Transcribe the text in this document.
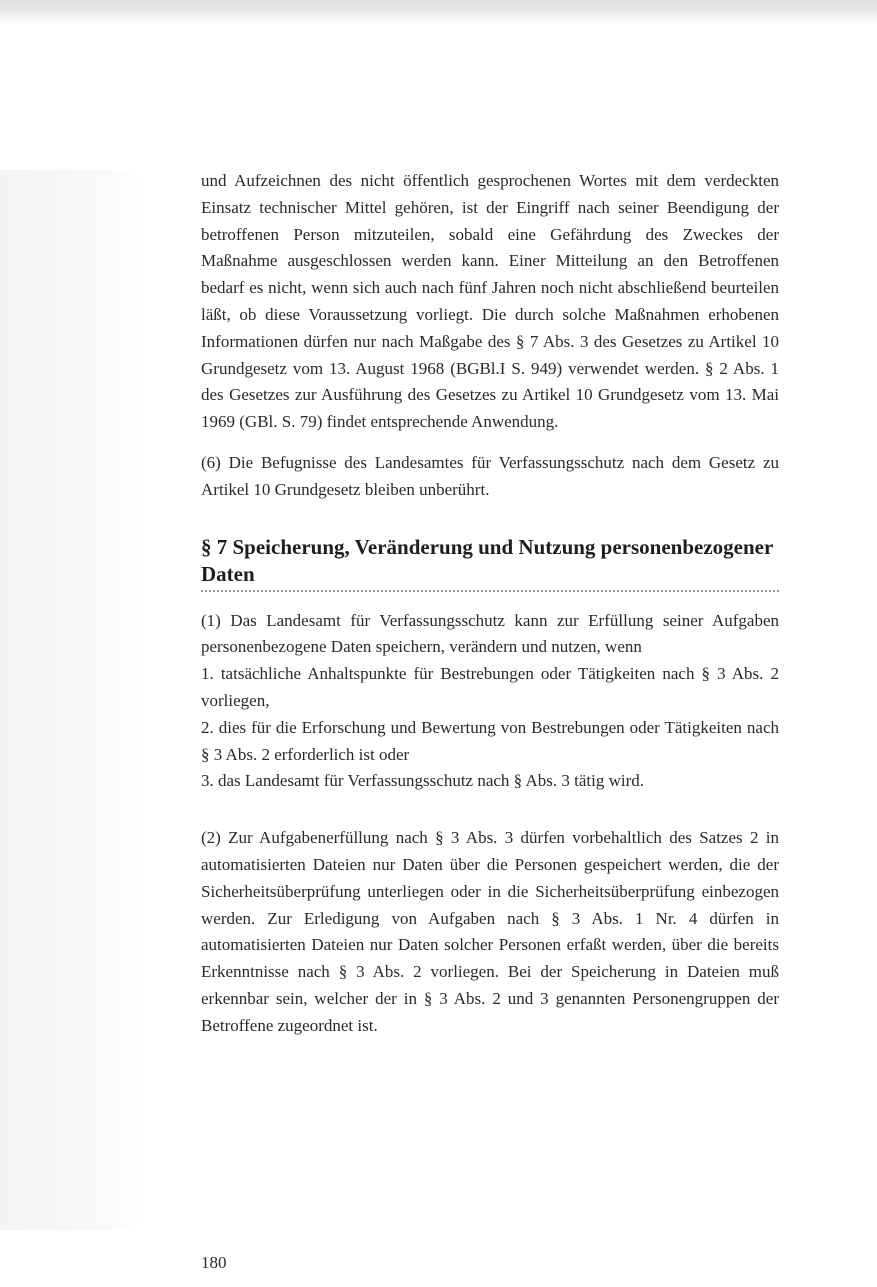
und Aufzeichnen des nicht öffentlich gesprochenen Wortes mit dem verdeckten Einsatz technischer Mittel gehören, ist der Eingriff nach seiner Beendigung der betroffenen Person mitzuteilen, sobald eine Gefährdung des Zweckes der Maßnahme ausgeschlossen werden kann. Einer Mitteilung an den Betroffenen bedarf es nicht, wenn sich auch nach fünf Jahren noch nicht abschließend beurteilen läßt, ob diese Voraussetzung vorliegt. Die durch solche Maßnahmen erhobenen Informationen dürfen nur nach Maßgabe des § 7 Abs. 3 des Gesetzes zu Artikel 10 Grundgesetz vom 13. August 1968 (BGBl.I S. 949) verwendet werden. § 2 Abs. 1 des Gesetzes zur Ausführung des Gesetzes zu Artikel 10 Grundgesetz vom 13. Mai 1969 (GBl. S. 79) findet entsprechende Anwendung.

(6) Die Befugnisse des Landesamtes für Verfassungsschutz nach dem Gesetz zu Artikel 10 Grundgesetz bleiben unberührt.

§ 7 Speicherung, Veränderung und Nutzung personenbezogener Daten

(1) Das Landesamt für Verfassungsschutz kann zur Erfüllung seiner Aufgaben personenbezogene Daten speichern, verändern und nutzen, wenn

1. tatsächliche Anhaltspunkte für Bestrebungen oder Tätigkeiten nach § 3 Abs. 2 vorliegen,

2. dies für die Erforschung und Bewertung von Bestrebungen oder Tätigkeiten nach § 3 Abs. 2 erforderlich ist oder

3. das Landesamt für Verfassungsschutz nach § Abs. 3 tätig wird.

(2) Zur Aufgabenerfüllung nach § 3 Abs. 3 dürfen vorbehaltlich des Satzes 2 in automatisierten Dateien nur Daten über die Personen gespeichert werden, die der Sicherheitsüberprüfung unterliegen oder in die Sicherheitsüberprüfung einbezogen werden. Zur Erledigung von Aufgaben nach § 3 Abs. 1 Nr. 4 dürfen in automatisierten Dateien nur Daten solcher Personen erfaßt werden, über die bereits Erkenntnisse nach § 3 Abs. 2 vorliegen. Bei der Speicherung in Dateien muß erkennbar sein, welcher der in § 3 Abs. 2 und 3 genannten Personengruppen der Betroffene zugeordnet ist.

180
